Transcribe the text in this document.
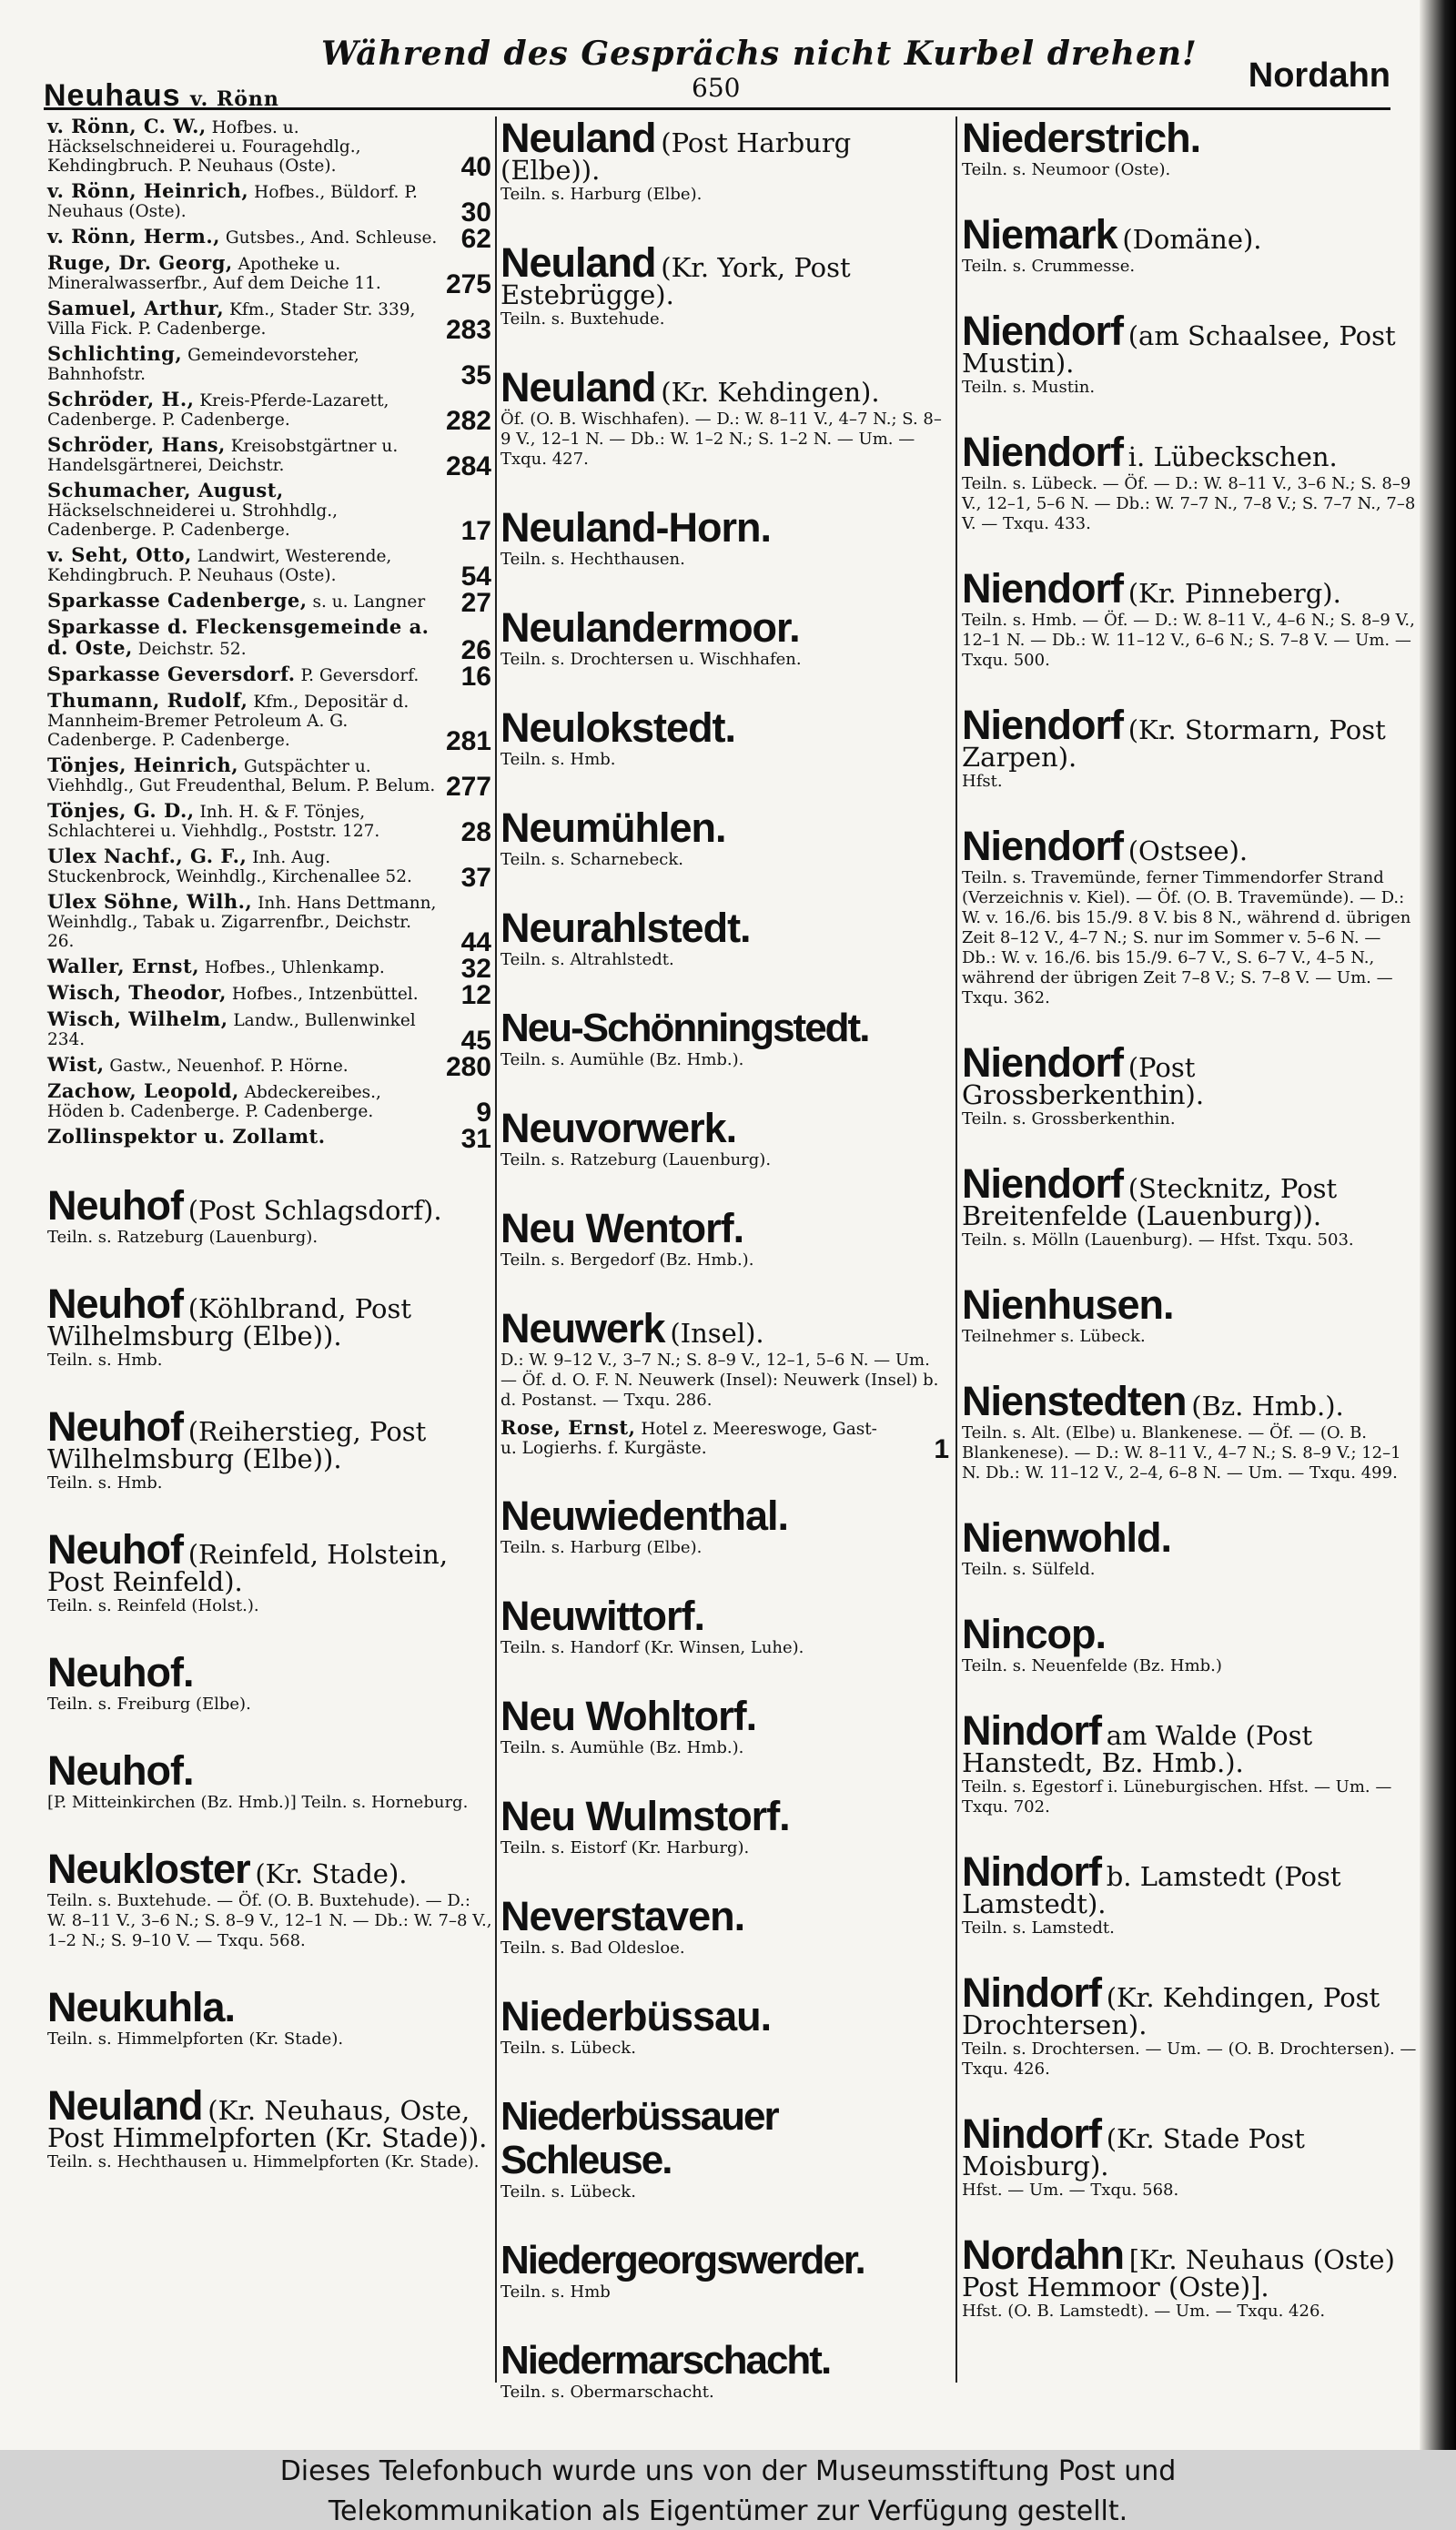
Neuhaus v. Rönn
Während des Gesprächs nicht Kurbel drehen!
650	Nordahn
v. Rönn, C. W., Hofbes. u. Häckselschneiderei u. Fouragehdlg., Kehdingbruch. P. Neuhaus (Oste).	40
v. Rönn, Heinrich, Hofbes., Büldorf. P. Neuhaus (Oste).	30
v. Rönn, Herm., Gutsbes., And. Schleuse. 62
Ruge, Dr. Georg, Apotheke u. Mineralwasserfbr., Auf dem Deiche 11. 275
Samuel, Arthur, Kfm., Stader Str. 339, Villa Fick. P. Cadenberge.	283
Schlichting, Gemeindevorsteher, Bahnhofstr.	35
Schröder, H., Kreis-Pferde-Lazarett, Cadenberge. P. Cadenberge.	282
Schröder, Hans, Kreisobstgärtner u. Handelsgärtnerei, Deichstr.	284
Schumacher, August, Häckselschneiderei u. Strohhdlg., Cadenberge. P. Cadenberge.	17
v. Seht, Otto, Landwirt, Westerende, Kehdingbruch. P. Neuhaus (Oste).	54
Sparkasse Cadenberge, s. u. Langner 27
Sparkasse d. Fleckensgemeinde a. d. Oste, Deichstr. 52.	26
Sparkasse Geversdorf. P. Geversdorf. 16
Thumann, Rudolf, Kfm., Depositär d. Mannheim-Bremer Petroleum A. G. Cadenberge. P. Cadenberge.	281
Tönjes, Heinrich, Gutspächter u. Viehhdlg., Gut Freudenthal, Belum. P. Belum. 277
Tönjes, G. D., Inh. H. & F. Tönjes, Schlachterei u. Viehhdlg., Poststr. 127.	28
Ulex Nachf., G. F., Inh. Aug. Stuckenbrock, Weinhdlg., Kirchenallee 52. 37
Ulex Söhne, Wilh., Inh. Hans Dettmann, Weinhdlg., Tabak u. Zigarrenfbr., Deichstr. 26.	44
Waller, Ernst, Hofbes., Uhlenkamp.	32
Wisch, Theodor, Hofbes., Intzenbüttel. 12
Wisch, Wilhelm, Landw., Bullenwinkel 234.	45
Wist, Gastw., Neuenhof. P. Hörne.	280
Zachow, Leopold, Abdeckereibes., Höden b. Cadenberge. P. Cadenberge.	9
Zollinspektor u. Zollamt.	31
Neuhof (Post Schlagsdorf).
Teiln. s. Ratzeburg (Lauenburg).
Neuhof (Köhlbrand, Post Wilhelmsburg (Elbe)).
Teiln. s. Hmb.
Neuhof (Reiherstieg, Post Wilhelmsburg (Elbe)).
Teiln. s. Hmb.
Neuhof (Reinfeld, Holstein, Post Reinfeld).
Teiln. s. Reinfeld (Holst.).
Neuhof.
Teiln. s. Freiburg (Elbe).
Neuhof.
[P. Mitteinkirchen (Bz. Hmb.)] Teiln. s. Horneburg.
Neukloster (Kr. Stade).
Teiln. s. Buxtehude. — Öf. (O. B. Buxtehude). — D.: W. 8–11 V., 3–6 N.; S. 8–9 V., 12–1 N. — Db.: W. 7–8 V., 1–2 N.; S. 9–10 V. — Txqu. 568.
Neukuhla.
Teiln. s. Himmelpforten (Kr. Stade).
Neuland (Kr. Neuhaus, Oste, Post Himmelpforten (Kr. Stade)).
Teiln. s. Hechthausen u. Himmelpforten (Kr. Stade).
Neuland (Post Harburg (Elbe)).
Teiln. s. Harburg (Elbe).
Neuland (Kr. York, Post Estebrügge).
Teiln. s. Buxtehude.
Neuland (Kr. Kehdingen).
Öf. (O. B. Wischhafen). — D.: W. 8–11 V., 4–7 N.; S. 8–9 V., 12–1 N. — Db.: W. 1–2 N.; S. 1–2 N. — Um. — Txqu. 427.
Neuland-Horn.
Teiln. s. Hechthausen.
Neulandermoor.
Teiln. s. Drochtersen u. Wischhafen.
Neulokstedt.
Teiln. s. Hmb.
Neumühlen.
Teiln. s. Scharnebeck.
Neurahlstedt.
Teiln. s. Altrahlstedt.
Neu-Schönningstedt.
Teiln. s. Aumühle (Bz. Hmb.).
Neuvorwerk.
Teiln. s. Ratzeburg (Lauenburg).
Neu Wentorf.
Teiln. s. Bergedorf (Bz. Hmb.).
Neuwerk (Insel).
D.: W. 9–12 V., 3–7 N.; S. 8–9 V., 12–1, 5–6 N. — Um. — Öf. d. O. F. N. Neuwerk (Insel): Neuwerk (Insel) b. d. Postanst. — Txqu. 286.
Rose, Ernst, Hotel z. Meereswoge, Gast- u. Logierhs. f. Kurgäste.	1
Neuwiedenthal.
Teiln. s. Harburg (Elbe).
Neuwittorf.
Teiln. s. Handorf (Kr. Winsen, Luhe).
Neu Wohltorf.
Teiln. s. Aumühle (Bz. Hmb.).
Neu Wulmstorf.
Teiln. s. Eistorf (Kr. Harburg).
Neverstaven.
Teiln. s. Bad Oldesloe.
Niederbüssau.
Teiln. s. Lübeck.
Niederbüssauer Schleuse.
Teiln. s. Lübeck.
Niedergeorgswerder.
Teiln. s. Hmb
Niedermarschacht.
Teiln. s. Obermarschacht.
Niederstrich.
Teiln. s. Neumoor (Oste).
Niemark (Domäne).
Teiln. s. Crummesse.
Niendorf (am Schaalsee, Post Mustin).
Teiln. s. Mustin.
Niendorf i. Lübeckschen.
Teiln. s. Lübeck. — Öf. — D.: W. 8–11 V., 3–6 N.; S. 8–9 V., 12–1, 5–6 N. — Db.: W. 7–7 N., 7–8 V.; S. 7–7 N., 7–8 V. — Txqu. 433.
Niendorf (Kr. Pinneberg).
Teiln. s. Hmb. — Öf. — D.: W. 8–11 V., 4–6 N.; S. 8–9 V., 12–1 N. — Db.: W. 11–12 V., 6–6 N.; S. 7–8 V. — Um. — Txqu. 500.
Niendorf (Kr. Stormarn, Post Zarpen).
Hfst.
Niendorf (Ostsee).
Teiln. s. Travemünde, ferner Timmendorfer Strand (Verzeichnis v. Kiel). — Öf. (O. B. Travemünde). — D.: W. v. 16./6. bis 15./9. 8 V. bis 8 N., während d. übrigen Zeit 8–12 V., 4–7 N.; S. nur im Sommer v. 5–6 N. — Db.: W. v. 16./6. bis 15./9. 6–7 V., S. 6–7 V., 4–5 N., während der übrigen Zeit 7–8 V.; S. 7–8 V. — Um. — Txqu. 362.
Niendorf (Post Grossberkenthin).
Teiln. s. Grossberkenthin.
Niendorf (Stecknitz, Post Breitenfelde (Lauenburg)).
Teiln. s. Mölln (Lauenburg). — Hfst. Txqu. 503.
Nienhusen.
Teilnehmer s. Lübeck.
Nienstedten (Bz. Hmb.).
Teiln. s. Alt. (Elbe) u. Blankenese. — Öf. — (O. B. Blankenese). — D.: W. 8–11 V., 4–7 N.; S. 8–9 V.; 12–1 N. Db.: W. 11–12 V., 2–4, 6–8 N. — Um. — Txqu. 499.
Nienwohld.
Teiln. s. Sülfeld.
Nincop.
Teiln. s. Neuenfelde (Bz. Hmb.)
Nindorf am Walde (Post Hanstedt, Bz. Hmb.).
Teiln. s. Egestorf i. Lüneburgischen. Hfst. — Um. — Txqu. 702.
Nindorf b. Lamstedt (Post Lamstedt).
Teiln. s. Lamstedt.
Nindorf (Kr. Kehdingen, Post Drochtersen).
Teiln. s. Drochtersen. — Um. — (O. B. Drochtersen). — Txqu. 426.
Nindorf (Kr. Stade Post Moisburg).
Hfst. — Um. — Txqu. 568.
Nordahn [Kr. Neuhaus (Oste) Post Hemmoor (Oste)].
Hfst. (O. B. Lamstedt). — Um. — Txqu. 426.
Dieses Telefonbuch wurde uns von der Museumsstiftung Post und
Telekommunikation als Eigentümer zur Verfügung gestellt.
